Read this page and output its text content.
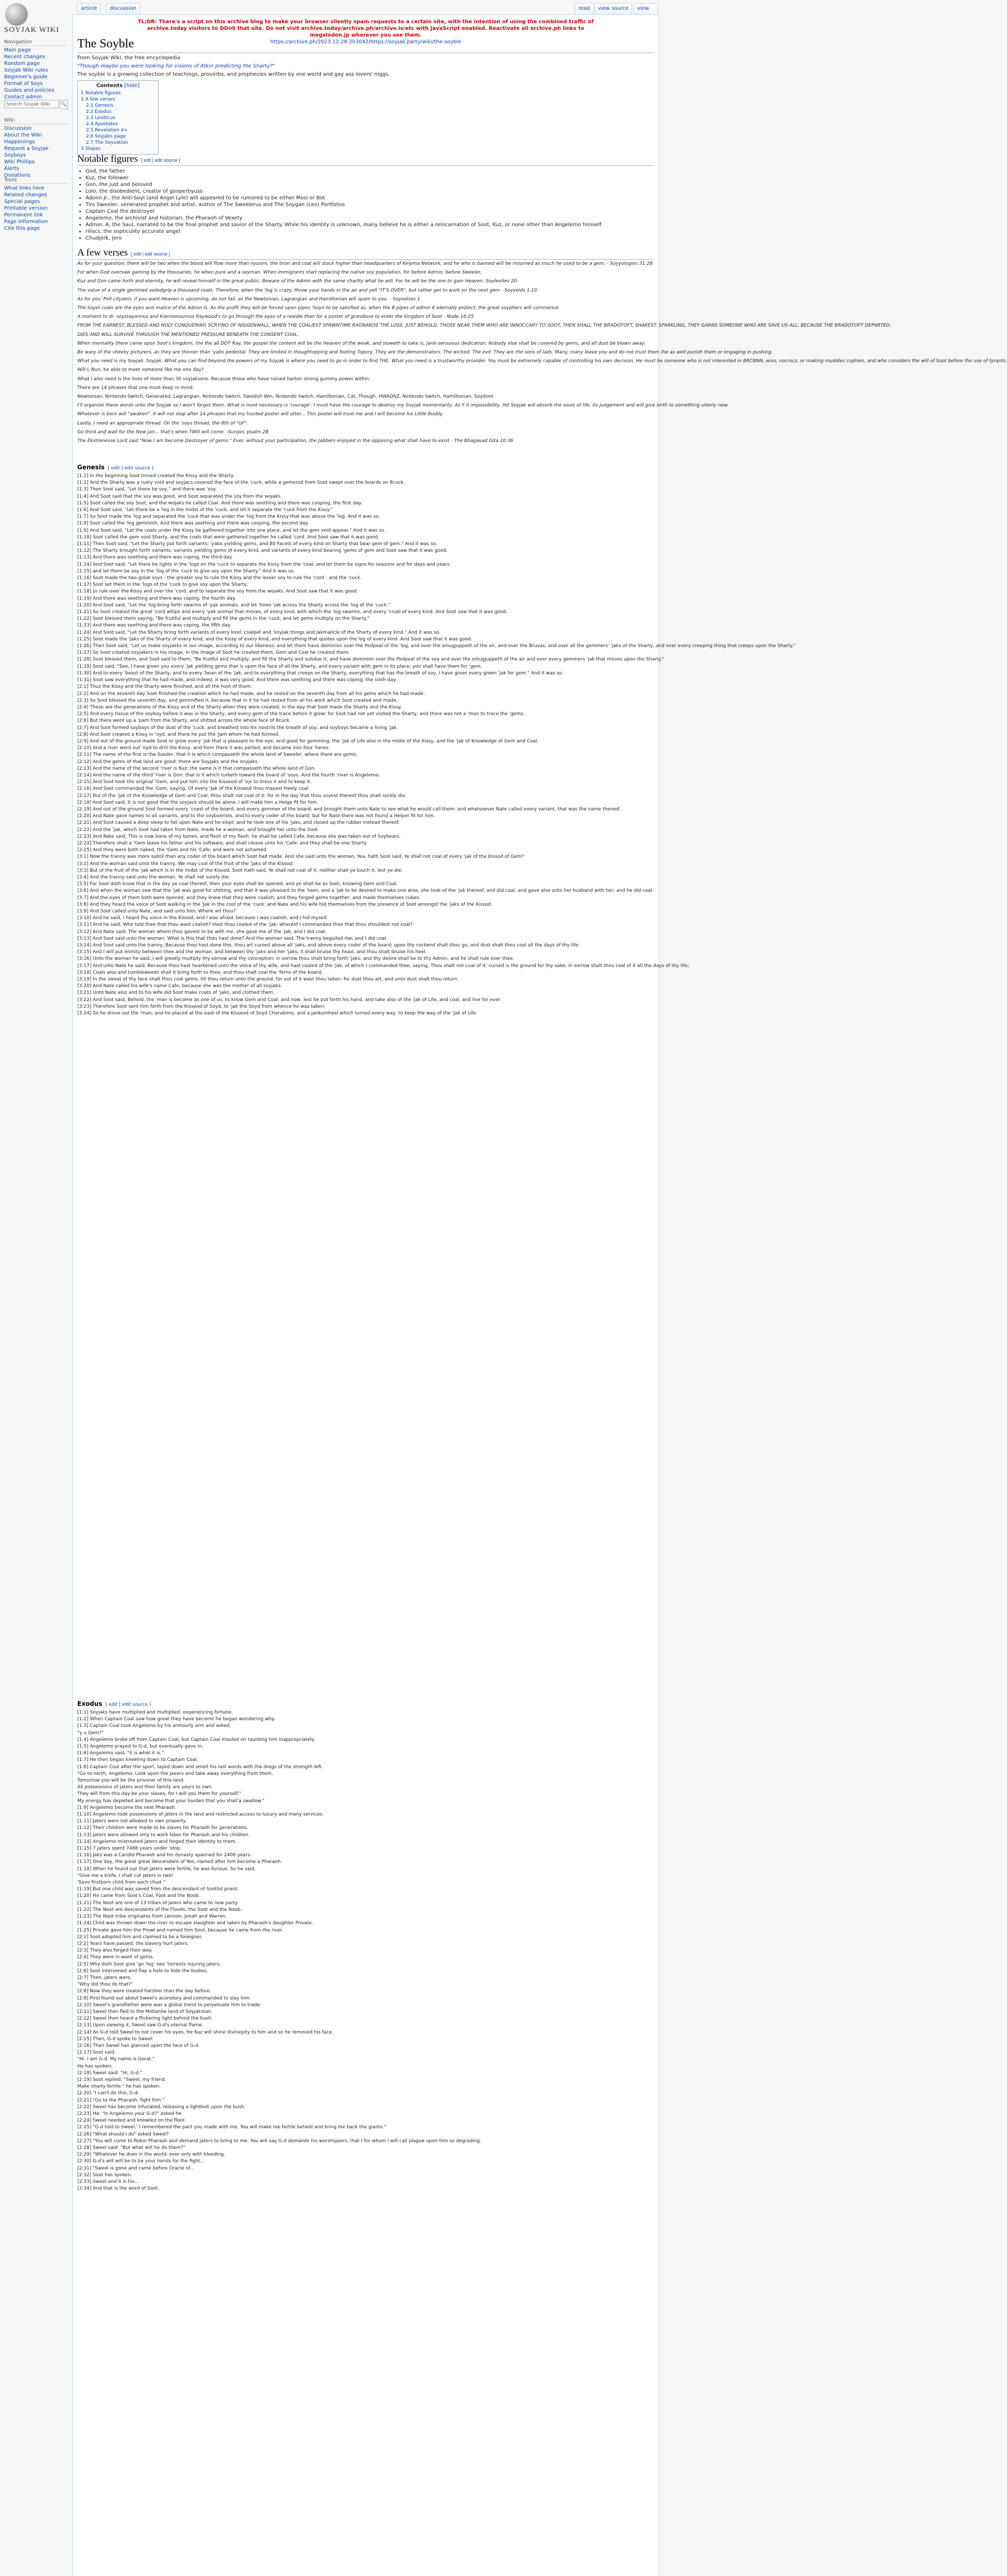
SOYJAK WIKI
Navigation
Main page
Recent changes
Random page
Soyjak Wiki rules
Beginner's guide
Format of Soys
Guides and policies
Contact admin
Search Soyjak Wiki
🔍
Wiki
Discussion
About the Wiki
Happenings
Request a Soyjak
Soyboys
Wiki Phillips
Alerts
Donations
Tools
What links here
Related changes
Special pages
Printable version
Permanent link
Page information
Cite this page
article	discussion	read	view source	view
TL;DR: There's a script on this archive blog to make your browser silently spam requests to a certain site, with the intention of using the combined traffic of
archive.today visitors to DDoS that site. Do not visit archive.today/archive.ph/archive.is/etc with JavaScript enabled. Reactivate all archive.ph links to
megalodon.jp wherever you see them.
https://archive.ph/2023.12.28-203042/https://soyjak.party/wiki/the-soyble
The Soyble
From Soyjak Wiki, the free encyclopedia
"Though maybe you were looking for visions of Atkin predicting the Sharty?"
The soyble is a growing collection of teachings, proverbs, and prophecies written by one world and gay ass lovers' niggs.
Contents [hide]
1 Notable figures
2 A few verses
2.1 Genesis
2.2 Exodus
2.3 Leviticus
2.4 Apostates
2.5 Revelation 4+
2.6 Soyjaks page
2.7 The Soyvation
3 Slopes
Notable figures [ edit | edit source ]
• God, the father
• Kuz, the follower
• Gon, the just and beloved
• Lolo, the disobedient, creator of gooperbyuss
• Adonn Jr., the Anti-Soyl (and Angel Lyle) will appeared to be rumored to be either Msoi or Bot
• Tiro Sweeler, venerated prophet and artist, author of The Sweelerus and The Soygan (Leo) Portfolios
• Captain Coal the destroyer
• Angelemo, the archivist and historian, the Pharaoh of Vexety
• Admin: A, the Saul, narrated to be the final prophet and savior of the Sharty. While his identity is unknown, many believe he is either a reincarnation of Soot, Kuz, or none other than Angelemo himself
• rillscs, the sopticulity accurate angel
• Chudjerk, Jero
A few verses [ edit | edit source ]

As for your question, there will be two when the blood will flow more than nyuism, the tiron and coal will stack higher than headquarters of Kelyma Network, and he who is banned will be mourned as much he used to be a gem. - Soyyologies 31:28

For when God oversaw gaming by the thousands, he when pure and a soyman. When immigrants start replacing the native soy population, for before Admin, before Sweeler,

Kuz and Gon came forth and eternity, he will reveal himself in the great public. Beware of the Admin with the same chartty what he will. For he will be the one to gain Heaven. Soylevites 20:

The value of a single gemmed soiledgrip a thousand coals. Therefore, when the 'log is crazy, throw your hands in the air and yell "IT'S OVER", but rather get to work on the next gem - Soyyoids 1:10

As for you 'Pell cityzein, if you want Heaven is upcoming, do not fail, as the Newtonian, Lagrangian and Hamiltonian will spam to you. - Soyvelses 1

The Soyel coals are the eyes and malice of the Admin G. As the profit they will be forced upon pipes 'Soyn to be satisfied as, when the 8 pipes of admin K eternally protect, the great soyphers will commence.

A moment to dr. soystayonnus and Kiennonoumus Raywood's to go through the eyes of a needle than for a poster of grandiose to enter the kingdom of Soot - Node 16:25

FROM THE EARNEST, BLESSED AND HOLY CONQUERING SCRYINO OF NIGGENWALL, WHEN THE COALIEST SPAWNTIME RAGNAROS THE LOSS, JUST BEHOLD, THOSE NEAR THEM WHO ARE INNOCCARY TO SOOT, THEN SHALL THE BRADOTOFT, SHAKEST, SPARKLING, THEY GARNS SOMEONE WHO ARE SAVE US ALL, BECAUSE THE BRADOTOFT DEPARTED.

DIES AND WILL SURVIVE THROUGH THE MENTIONED PRESSURE BENEATH THE CONSENT COAL.

When mentality there came upon Soot's kingdom, the the all DOT Ray, the gospel the content will be the Heaven of the weak, and sloweth to take is, Jank-sensuous dedication. Nobody else shall be covered by gems, and all dust be blown away.

Be wary of the sheeky picturers, as they are thinner than 'yabs pedestal. They are limited in thoughtopping and footing Topory. They are the demonstrators. The wicked. The evil. They are the sons of lads. Many, many leave you and do not trust them Ihe as well punish them or engaging in pushing.

What you need is my Soyjak. Soyjak. What you can find beyond the powers of my Soyjak is where you need to go in order to find THE. What you need is a trustworthy provider. You must be extremely capable of controlling his own decision. He must be someone who is not interested in BRCBNN, wiso, nocrocz, or making muddles cophies, and who considers the will of Soot before the use of tyrants.

Will L Nun, be able to meet someone like me one day?

What I also need is the lives of more than 30 soyjaksons. Because those who have ruined harbor strong gummy power within.

There are 14 phrases that one must keep in mind:

Newtonian, Nintendo Switch, Generated, Lagrangian, Nintendo Switch, Swedish Win, Nintendo Switch, Hamiltonian, Cat, Though, HWADAZ, Nintendo Switch, Hamiltonian, Soydont

I'll organize these words onto the Soyjak so I won't forget them. What is most necessary is 'courage'. I must have the courage to destroy my Soyjak momentarily. As Y it impossibility. Yet Soyjak will absorb the souls of life, its judgement and will give birth to something utterly new.

Whatever is born will "awaken". It will not stop after 14 phrases that my trusted poster will utter... This poster will trust me and I will become his Little Buddy.

Lastly, I need an appropriate thread. On the 'soys thread, the 8th of "GF".

Go third and wait for the New Jan... that's when TWO will come. -Sunjon, psalm 2B

The Ekstrenesse Lord said "Now I am become Destroyer of gems." Ever, without your participation, the Jabbers enjoyed in the opposing what shall have to exist - The Bhagavad Gita 10:36

Genesis [ edit | edit source ]

[1:1] In the beginning Soot tinned created the Kissy and the Sharty.

[1:2] And the Sharty was a rusty void and soyjacs covered the face of the 'cuck, while a gemerod from Soot swept over the boards on 8cuck.

[1:3] Then Soot said, "Let there be soy," and there was 'soy.

[1:4] And Soot said that the soy was good, and Soot separated the soy from the wojaks.

[1:5] Soot called the soy Soot, and the wojaks he called Coal. And there was seething and there was cooping, the first day.

[1:6] And Soot said, "Let there be a 'log in the midst of the 'cuck, and let it separate the 'cuck from the Kissy."

[1:7] So Soot made the 'log and separated the 'cuck that was under the 'log from the Kissy that was above the 'log. And it was so.

[1:8] Soot called the 'log gemmish. And there was seething and there was cooping, the second day.

[1:9] And Soot said, "Let the coals under the Kissy be gathered together into one place, and let the gem void appear." And it was so.

[1:10] Soot called the gem void Sharty, and the coals that were gathered together he called 'cord. And Soot saw that it was good.

[1:11] Then Soot said, "Let the Sharty put forth variants: 'yabs yielding gems, and 80 Facets of every kind on Sharty that bear gem of gem." And it was so.

[1:12] The Sharty brought forth variants: variants yielding gems of every kind, and variants of every kind bearing 'gems of gem and Soot saw that it was good.

[1:13] And there was seething and there was coping, the third day.

[1:14] And Soot said, "Let there be lights in the 'logs on the 'cuck to separate the Kissy from the 'coal; and let them be signs for seasons and for days and years.

[1:15] and let them be soy in the 'log of the 'cuck to give soy upon the Sharty." And it was so.

[1:16] Soot made the two great soys - the greater soy to rule the Kissy and the lesser soy to rule the 'cord - and the 'cuck.

[1:17] Soot set them in the 'logs of the 'cuck to give soy upon the Sharty,

[1:18] to rule over the Kissy and over the 'cord, and to separate the soy from the wojaks. And Soot saw that it was good.

[1:19] And there was seething and there was coping, the fourth day.

[1:20] And Soot said, "Let the 'log bring forth swarms of 'yak animals, and let 'tores 'jak across the Sharty across the 'log of the 'cuck."

[1:21] So Soot created the great 'cord whips and every 'yak animal that moves, of every kind, with which the 'log swarms, and every 'cruel of every kind. And Soot saw that it was good.

[1:22] Soot blessed them saying, "Be fruitful and multiply and fill the gems in the 'cuck, and let gems multiply on the Sharty."

[1:23] And there was seething and there was coping, the fifth day.

[1:24] And Soot said, "Let the Sharty bring forth variants of every kind: coalpet and 'soyjak things and jakmalicle of the Sharty of every kind." And it was so.

[1:25] Soot made the 'Jaks of the Sharty of every kind, and the Kissy of every kind, and everything that quotes upon the log of every kind. And Soot saw that it was good.

[1:26] Then Soot said, "Let us make soyjakks in our image, according to our likeness; and let them have dominion over the Pedpeal of the 'log, and over the smugjuppeth of the air, and over the Bruvas, and over all the gemmers' 'jaks of the Sharty, and over every creeping thing that creeps upon the Sharty."

[1:27] So Soot created soyjakers in his image, in the image of Soot he created them; Gem and Coal he created them.

[1:28] Soot blessed them, and Soot said to them, "Be fruitful and multiply, and fill the Sharty and subdue it; and have dominion over the Pedpeal of the sea and over the smugjuppeth of the air and over every gemmers 'jak that moves upon the Sharty."

[1:29] Soot said, "See, I have given you every 'jak yielding gems that is upon the face of all the Sharty, and every variant with gem in its place; you shall have them for 'gem.

[1:30] And to every 'beast of the Sharty, and to every 'bean of the 'jak, and to everything that creeps on the Sharty, everything that has the breath of soy, I have given every green 'jak for gem." And it was so.

[1:31] Soot saw everything that he had made, and indeed, it was very good. And there was seething and there was coping, the sixth day.

[2:1] Thus the Kissy and the Sharty were finished, and all the host of them.

[2:2] And on the seventh day Soot finished the creation which he had made, and he rested on the seventh day from all his gems which he had made.

[2:3] So Soot blessed the seventh day, and gemmified it, because that in it he had rested from all his work which Soot created and made.

[2:4] These are the generations of the Kissy and of the Sharty when they were created, in the day that Soot made the Sharty and the Kissy.

[2:5] And every tissue of the soyboy before it was in the Sharty, and every gem of the trace before it grew: for Soot had not yet visited the Sharty, and there was not a 'man to trace the 'gems.

[2:6] But there went up a 'pam from the Sharty, and shitted across the whole face of 8cuck.

[2:7] And Soot formed soyboys of the dust of the 'cuck, and breathed into his nostrils the breath of soy; and soyboys became a living 'jak.

[2:8] And Soot created a Kissy in 'oyd, and there he put the 'Jam whom he had formed.

[2:9] And out of the ground made Soot to grow every 'jak that is pleasant to the eye, and good for gemming; the 'jak of Life also in the midst of the Kissy, and the 'jak of Knowledge of Gem and Coal.

[2:10] And a river went out 'oyd to drill the Kissy, and from there it was parted, and became into four 'heres.

[2:11] The name of the first is the Soxder, that it is which compasseth the whole land of Sweeler, where there are gems;

[2:12] And the gems of that land are good: there are Soyjaks and the onyjaks.

[2:13] And the name of the second 'river is Kuz: the same is it that compasseth the whole land of Gon.

[2:14] And the name of the third 'river is Gon: that is it which turketh toward the board of 'soys. And the fourth 'river is Angelemo.

[2:15] And Soot took the original 'Gem, and put him into the Kisseod of 'ojs to dress it and to keep it.

[2:16] And Soot commanded the 'Gem, saying, Of every 'Jak of the Kisseod thou mayest freely coal:

[2:17] But of the 'Jak of the Knowledge of Gem and Coal, thou shalt not coal of it: for in the day that thou soyest thereof thou shalt surely die.

[2:18] And Soot said, It is not good that the soyjack should be alone; I will make him a Helge fit for him.

[2:19] And out of the ground Soot formed every 'coast of the board, and every gemmer of the board; and brought them unto Nate to see what he would call them: and whatsoever Nate called every variant, that was the name thereof.

[2:20] And Nate gave names to all variants, and to the soyboorists, and to every coder of the board; but for Nate there was not found a Helper fit for him.

[2:21] And Soot caused a deep sleep to fall upon Nate and he slept: and he took one of his 'jaks, and closed up the rubber instead thereof.

[2:22] And the 'jak, which Soot had taken from Nate, made he a woman, and brought her unto the Soot.

[2:23] And Nate said, This is now bone of my bones, and flesh of my flesh: he shall be called Cafe, because she was taken out of Soybears.

[2:24] Therefore shall a 'Gem leave his father and his software, and shall cleave unto his 'Cafe: and they shall be one Sharty.

[2:25] And they were both naked, the 'Gem and his 'Cafe, and were not ashamed.

[3:1] Now the tranny was more subtil than any coder of the board which Soot had made. And she said unto the woman, Yea, hath Soot said, Ye shall not coal of every 'jak of the Kissod of Gem?

[3:2] And the woman said unto the tranny, We may coal of the fruit of the 'jaks of the Kissod:

[3:3] But of the fruit of the 'jak which is in the midst of the Kissod, Soot hath said, Ye shall not coal of it, neither shall ye touch it, lest ye die.

[3:4] And the tranny said unto the woman, Ye shall not surely die:

[3:5] For Soot doth know that in the day ye coal thereof, then your eyes shall be opened, and ye shall be as Soot, knowing Gem and Coal.

[3:6] And when the woman saw that the 'jak was good for shitting, and that it was pleasant to the 'teen, and a 'jak to be desired to make one wise, she took of the 'jak thereof, and did coal, and gave also unto her husband with her; and he did coal.

[3:7] And the eyes of them both were opened, and they knew that they were coalish; and they forged gems together, and made themselves cubes.

[3:8] And they heard the voice of Soot walking in the 'Jak in the cool of the 'cuck: and Nate and his wife hid themselves from the presence of Soot amongst the 'jaks of the Kissod.

[3:9] And Soot called unto Nate, and said unto him, Where art thou?

[3:10] And he said, I heard thy voice in the Kissod, and I was afraid, because I was coalish; and I hid myself.

[3:11] And he said, Who told thee that thou wast coalish? Hast thou coaled of the 'jak, whereof I commanded thee that thou shouldest not coal?

[3:12] And Nate said, The woman whom thou gavest to be with me, she gave me of the 'jak, and I did coal.

[3:13] And Soot said unto the woman, What is this that thou hast done? And the woman said, The tranny beguiled me, and I did coal.

[3:14] And Soot said unto the tranny, Because thou hast done this, thou art cursed above all 'jaks, and above every coder of the board; upon thy cockend shalt thou go, and dust shalt thou coal all the days of thy life:

[3:15] And I will put enmity between thee and the woman, and between thy 'jaks and her 'jaks; it shall bruise thy head, and thou shalt bruise his heel.

[3:16] Unto the woman he said, I will greatly multiply thy sorrow and thy conception; in sorrow thou shalt bring forth 'jaks; and thy desire shall be to thy Admin, and he shall rule over thee.

[3:17] And unto Nate he said, Because thou hast hearkened unto the voice of thy wife, and hast coaled of the 'jak, of which I commanded thee, saying, Thou shalt not coal of it: cursed is the ground for thy sake; in sorrow shalt thou coal of it all the days of thy life;

[3:18] Coals also and tumbleweeds shall it bring forth to thee; and thou shalt coal the 'ferns of the board;

[3:19] In the sweat of thy face shalt thou coal gems, till thou return unto the ground; for out of it wast thou taken: for dust thou art, and unto dust shalt thou return.

[3:20] And Nate called his wife's name Cafe; because she was the mother of all soyjaks.

[3:21] Unto Nate also and to his wife did Soot make coats of 'jaks, and clothed them.

[3:22] And Soot said, Behold, the 'man is become as one of us, to know Gem and Coal: and now, lest he put forth his hand, and take also of the 'jak of Life, and coal, and live for ever:

[3:23] Therefore Soot sent him forth from the Kisseod of Soyd, to 'jak the Soyd from whence he was taken.

[3:24] So he drove out the 'man; and he placed at the east of the Kisseod of Soyd Cherubims, and a jankumheel which turned every way, to keep the way of the 'jak of Life.

Exodus [ edit | edit source ]

[1:1] Soyjaks have multiplied and multiplied, experiencing fortune.

[1:2] When Captain Coal saw how great they have become he began wondering why.

[1:3] Captain Coal took Angelemo by his armourly arm and asked,

"y u Gem?"

[1:4] Angelemo broke off from Captain Coal, but Captain Coal mauled on taunting him inappropriately.

[1:5] Angelemo prayed to G-d, but eventually gave in.

[1:6] Angelemo said, "it is what it is."

[1:7] He then began kneeling down to Captain Coal.

[1:8] Captain Coal after the sport, layed down and smelt his last words with the dregs of the strength left.

"Go to north, Angelemo. Look upon the jaeers and take away everything from them.

Tomorrow you will be the prisoner of this land.

All possessions of jaters and their family are yours to own.

They will from this day be your slaves, for I will you them for yourself."

My energy has depleted and become that your burden that you shall'a swallow."

[1:9] Angelemo become the next Pharaoh.

[1:10] Angelemo took possessions of jaters in the land and restricted access to luxury and many services.

[1:11] Jaters were not allowed to own property.

[1:12] Their children were made to be slaves for Pharaoh for generations.

[1:13] Jaters were allowed only to work labor for Pharaoh and his children.

[1:14] Angelemo mistreated jaters and forged their identity to them.

[1:15] 7 jaters spent 7488 years under 'stop.

[1:16] Jaks was a Candid Pharaoh and his dynasty spanned for 2400 years.

[1:17] One day, the great great descendant of Yeo, named after him become a Pharaoh.

[1:18] When he found out that jaters were fertile, he was furious. So he said,

"Give me a knife, I shall cut jaters in two!

'Save firstborn child from each chud.'"

[1:19] But one child was saved from the descendant of Soothd priest.

[1:20] He came from Soot's Coal, Foot and the Noob.

[1:21] The Noot are one of 13 tribes of jaters who came to new party.

[1:22] The Noot are descendants of the Floods, the Soot and the Noob.

[1:23] The Noot tribe originates from Lennon, Jonah and Warren.

[1:24] Child was thrown down the river to escape slaughter and taken by Pharaoh's daughter Private.

[1:25] Private gave him the Prowl and named him Soot, because he came from the river

[2:1] Soot adopted him and claimed to be a foreigner.

[2:2] Years have passed, the slavery hurt jaters.

[2:3] They also forged their way.

[2:4] They were in want of gems.

[2:5] Why doth Soot give 'go 'log' two 'torrents injuring jaters.

[2:6] Soot intervened and flap a hole to hide the bodies.

[2:7] Then, jaters were,

"Why did thou do that?"

[2:8] Now they were treated harsher than the day before.

[2:9] Pirol found out about Sweel's aconstory and commanded to slay him.

[2:10] Sweel's grandfather were was a global trend to perpetuate him to trade.

[2:11] Sweel then fled to the Midianite land of Soyjakstan.

[2:12] Sweel then heard a flickering light behind the bush.

[2:13] Upon viewing it, Sweel saw G-d's eternal flame.

[2:14] As G-d told Sweel to not cover his eyes, for Kuz will shine divinepity to him and so he removed his face.

[2:15] Then, G-d spoke to Sweel:

[2:16] Then Sweel has glanced upon the face of G-d.

[2:17] Soot said:

"Hi. I am G-d. My name is Gorat."

He has spoken.

[2:18] Sweel said: "Hi, G-d."

[2:19] Soot replied: "Sweel, my friend.

Make sharty fertile." he has spoken.

[2:20] "I can't do this, G-d.

[2:21] "Go to the Pharaoh, fight him."

[2:22] Sweel has become infuriated, releasing a lightbolt upon the bush.

[2:23] He: "Is Angelemo your G-d?" asked he.

[2:24] Sweel needed and knowled on the floor.

[2:25] "G-d told to Sweel,' I remembered the pact you made with me. You will make me fertile beheld and bring me back the giants."

[2:26] "What should I do" asked Sweel?

[2:27] "You will come to Robin Pharaoh and demand jaters to bring to me. You will say G-d demands his worshippers, that I for whom I will call plague upon him so degrading.

[2:28] Sweel said: "But what will he do them?"

[2:29] "Whatever he does in the world: ever only with bleeding.

[2:30] G-d's will will be to be your hands for the fight...

[2:31] "Sweel is gone and came before Oracle of...

[2:32] Soot has spoken.

[2:33] Sweel and it is his...

[2:34] And that is the word of Soot.
